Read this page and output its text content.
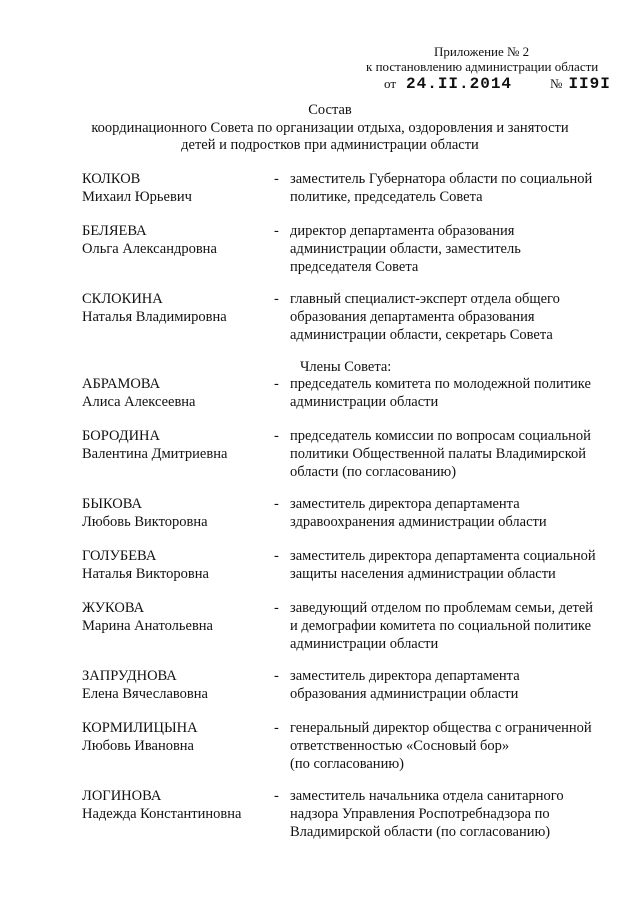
Приложение № 2
к постановлению администрации области
от 24.II.2014	№ II9I
Состав
координационного Совета по организации отдыха, оздоровления и занятости
детей и подростков при администрации области
Члены Совета:
КОЛКОВ
Михаил Юрьевич
- заместитель Губернатора области по социальной
политике, председатель Совета
БЕЛЯЕВА
Ольга Александровна
- директор департамента образования
администрации области, заместитель
председателя Совета
СКЛОКИНА
Наталья Владимировна
- главный специалист-эксперт отдела общего
образования департамента образования
администрации области, секретарь Совета
АБРАМОВА
Алиса Алексеевна
- председатель комитета по молодежной политике
администрации области
БОРОДИНА
Валентина Дмитриевна
- председатель комиссии по вопросам социальной
политики Общественной палаты Владимирской
области (по согласованию)
БЫКОВА
Любовь Викторовна
- заместитель директора департамента
здравоохранения администрации области
ГОЛУБЕВА
Наталья Викторовна
- заместитель директора департамента социальной
защиты населения администрации области
ЖУКОВА
Марина Анатольевна
- заведующий отделом по проблемам семьи, детей
и демографии комитета по социальной политике
администрации области
ЗАПРУДНОВА
Елена Вячеславовна
- заместитель директора департамента
образования администрации области
КОРМИЛИЦЫНА
Любовь Ивановна
- генеральный директор общества с ограниченной
ответственностью «Сосновый бор»
(по согласованию)
ЛОГИНОВА
Надежда Константиновна
- заместитель начальника отдела санитарного
надзора Управления Роспотребнадзора по
Владимирской области (по согласованию)
